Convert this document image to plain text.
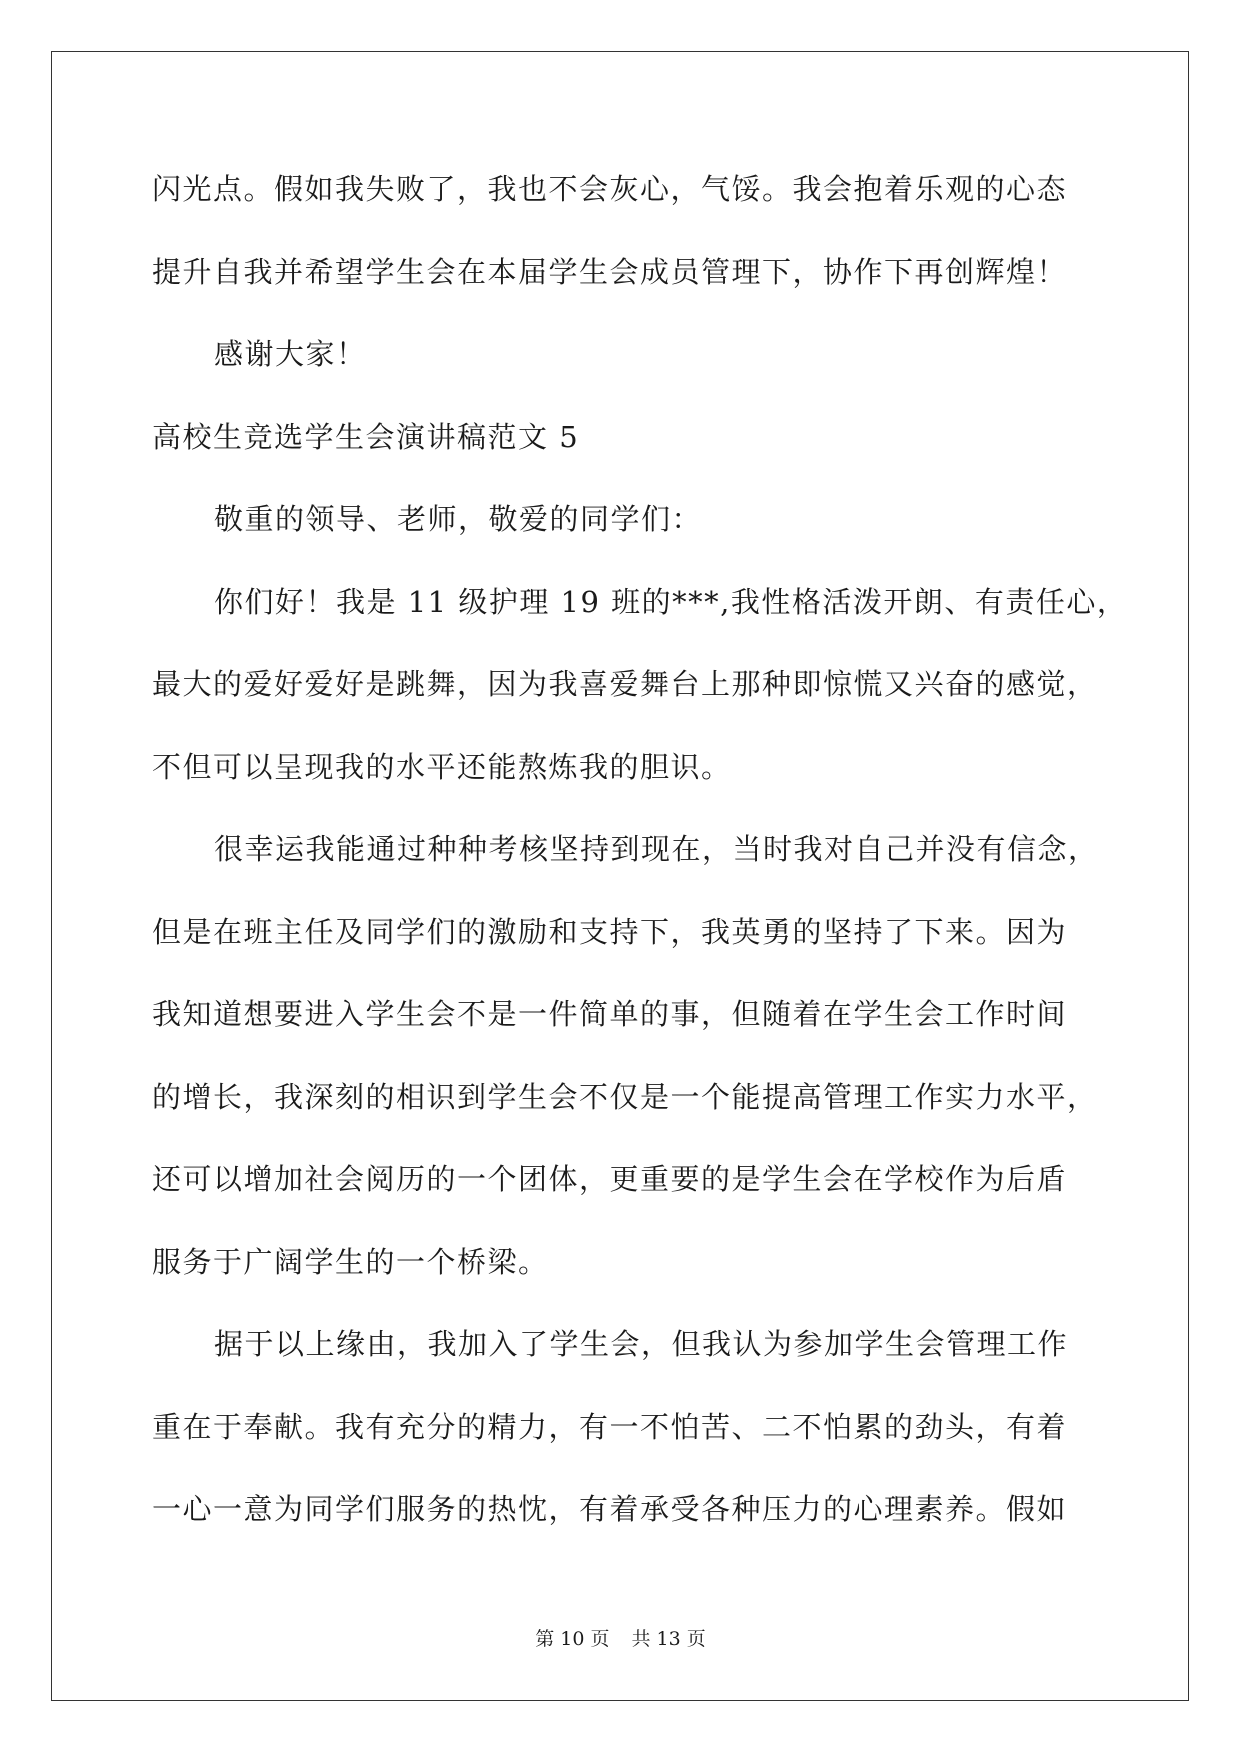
闪光点。假如我失败了，我也不会灰心，气馁。我会抱着乐观的心态
提升自我并希望学生会在本届学生会成员管理下，协作下再创辉煌！
感谢大家！
高校生竞选学生会演讲稿范文 5
敬重的领导、老师，敬爱的同学们：
你们好！我是 11 级护理 19 班的***,我性格活泼开朗、有责任心，
最大的爱好爱好是跳舞，因为我喜爱舞台上那种即惊慌又兴奋的感觉，
不但可以呈现我的水平还能熬炼我的胆识。
很幸运我能通过种种考核坚持到现在，当时我对自己并没有信念，
但是在班主任及同学们的激励和支持下，我英勇的坚持了下来。因为
我知道想要进入学生会不是一件简单的事，但随着在学生会工作时间
的增长，我深刻的相识到学生会不仅是一个能提高管理工作实力水平，
还可以增加社会阅历的一个团体，更重要的是学生会在学校作为后盾
服务于广阔学生的一个桥梁。
据于以上缘由，我加入了学生会，但我认为参加学生会管理工作
重在于奉献。我有充分的精力，有一不怕苦、二不怕累的劲头，有着
一心一意为同学们服务的热忱，有着承受各种压力的心理素养。假如
第 10 页 共 13 页
